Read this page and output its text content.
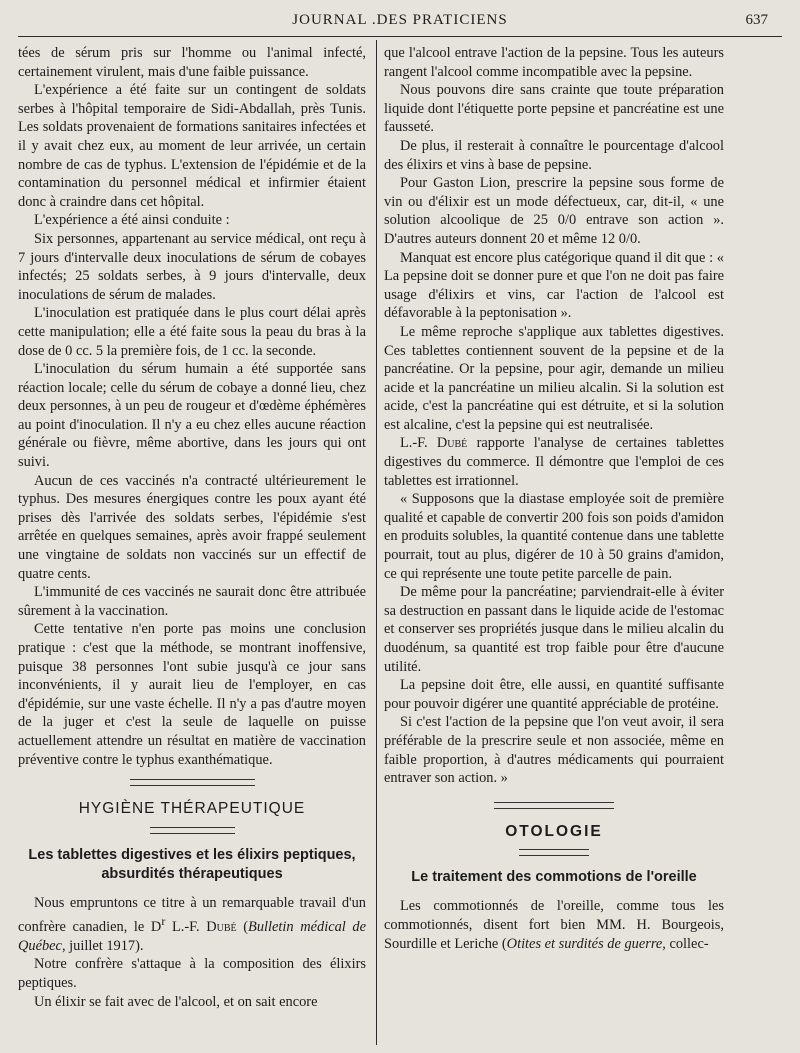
JOURNAL .DES PRATICIENS	637

tées de sérum pris sur l'homme ou l'animal infecté, certainement virulent, mais d'une faible puissance.

L'expérience a été faite sur un contingent de soldats serbes à l'hôpital temporaire de Sidi-Abdallah, près Tunis. Les soldats provenaient de formations sanitaires infectées et il y avait chez eux, au moment de leur arrivée, un certain nombre de cas de typhus. L'extension de l'épidémie et de la contamination du personnel médical et infirmier étaient donc à craindre dans cet hôpital.

L'expérience a été ainsi conduite :

Six personnes, appartenant au service médical, ont reçu à 7 jours d'intervalle deux inoculations de sérum de cobayes infectés; 25 soldats serbes, à 9 jours d'intervalle, deux inoculations de sérum de malades.

L'inoculation est pratiquée dans le plus court délai après cette manipulation; elle a été faite sous la peau du bras à la dose de 0 cc. 5 la première fois, de 1 cc. la seconde.

L'inoculation du sérum humain a été supportée sans réaction locale; celle du sérum de cobaye a donné lieu, chez deux personnes, à un peu de rougeur et d'œdème éphémères au point d'inoculation. Il n'y a eu chez elles aucune réaction générale ou fièvre, même abortive, dans les jours qui ont suivi.

Aucun de ces vaccinés n'a contracté ultérieurement le typhus. Des mesures énergiques contre les poux ayant été prises dès l'arrivée des soldats serbes, l'épidémie s'est arrêtée en quelques semaines, après avoir frappé seulement une vingtaine de soldats non vaccinés sur un effectif de quatre cents.

L'immunité de ces vaccinés ne saurait donc être attribuée sûrement à la vaccination.

Cette tentative n'en porte pas moins une conclusion pratique : c'est que la méthode, se montrant inoffensive, puisque 38 personnes l'ont subie jusqu'à ce jour sans inconvénients, il y aurait lieu de l'employer, en cas d'épidémie, sur une vaste échelle. Il n'y a pas d'autre moyen de la juger et c'est la seule de laquelle on puisse actuellement attendre un résultat en matière de vaccination préventive contre le typhus exanthématique.

HYGIÈNE THÉRAPEUTIQUE
Les tablettes digestives et les élixirs peptiques, absurdités thérapeutiques

Nous empruntons ce titre à un remarquable travail d'un confrère canadien, le $D^r$ L.-F. Dubé (Bulletin médical de Québec, juillet 1917).

Notre confrère s'attaque à la composition des élixirs peptiques.

Un élixir se fait avec de l'alcool, et on sait encore

que l'alcool entrave l'action de la pepsine. Tous les auteurs rangent l'alcool comme incompatible avec la pepsine.

Nous pouvons dire sans crainte que toute préparation liquide dont l'étiquette porte pepsine et pancréatine est une fausseté.

De plus, il resterait à connaître le pourcentage d'alcool des élixirs et vins à base de pepsine.

Pour Gaston Lion, prescrire la pepsine sous forme de vin ou d'élixir est un mode défectueux, car, dit-il, « une solution alcoolique de 25 0/0 entrave son action ». D'autres auteurs donnent 20 et même 12 0/0.

Manquat est encore plus catégorique quand il dit que : « La pepsine doit se donner pure et que l'on ne doit pas faire usage d'élixirs et vins, car l'action de l'alcool est défavorable à la peptonisation ».

Le même reproche s'applique aux tablettes digestives. Ces tablettes contiennent souvent de la pepsine et de la pancréatine. Or la pepsine, pour agir, demande un milieu acide et la pancréatine un milieu alcalin. Si la solution est acide, c'est la pancréatine qui est détruite, et si la solution est alcaline, c'est la pepsine qui est neutralisée.

L.-F. Dubé rapporte l'analyse de certaines tablettes digestives du commerce. Il démontre que l'emploi de ces tablettes est irrationnel.

« Supposons que la diastase employée soit de première qualité et capable de convertir 200 fois son poids d'amidon en produits solubles, la quantité contenue dans une tablette pourrait, tout au plus, digérer de 10 à 50 grains d'amidon, ce qui représente une toute petite parcelle de pain.

De même pour la pancréatine; parviendrait-elle à éviter sa destruction en passant dans le liquide acide de l'estomac et conserver ses propriétés jusque dans le milieu alcalin du duodénum, sa quantité est trop faible pour être d'aucune utilité.

La pepsine doit être, elle aussi, en quantité suffisante pour pouvoir digérer une quantité appréciable de protéine.

Si c'est l'action de la pepsine que l'on veut avoir, il sera préférable de la prescrire seule et non associée, même en faible proportion, à d'autres médicaments qui pourraient entraver son action. »

OTOLOGIE
Le traitement des commotions de l'oreille

Les commotionnés de l'oreille, comme tous les commotionnés, disent fort bien MM. H. Bourgeois, Sourdille et Leriche (Otites et surdités de guerre, collec-
